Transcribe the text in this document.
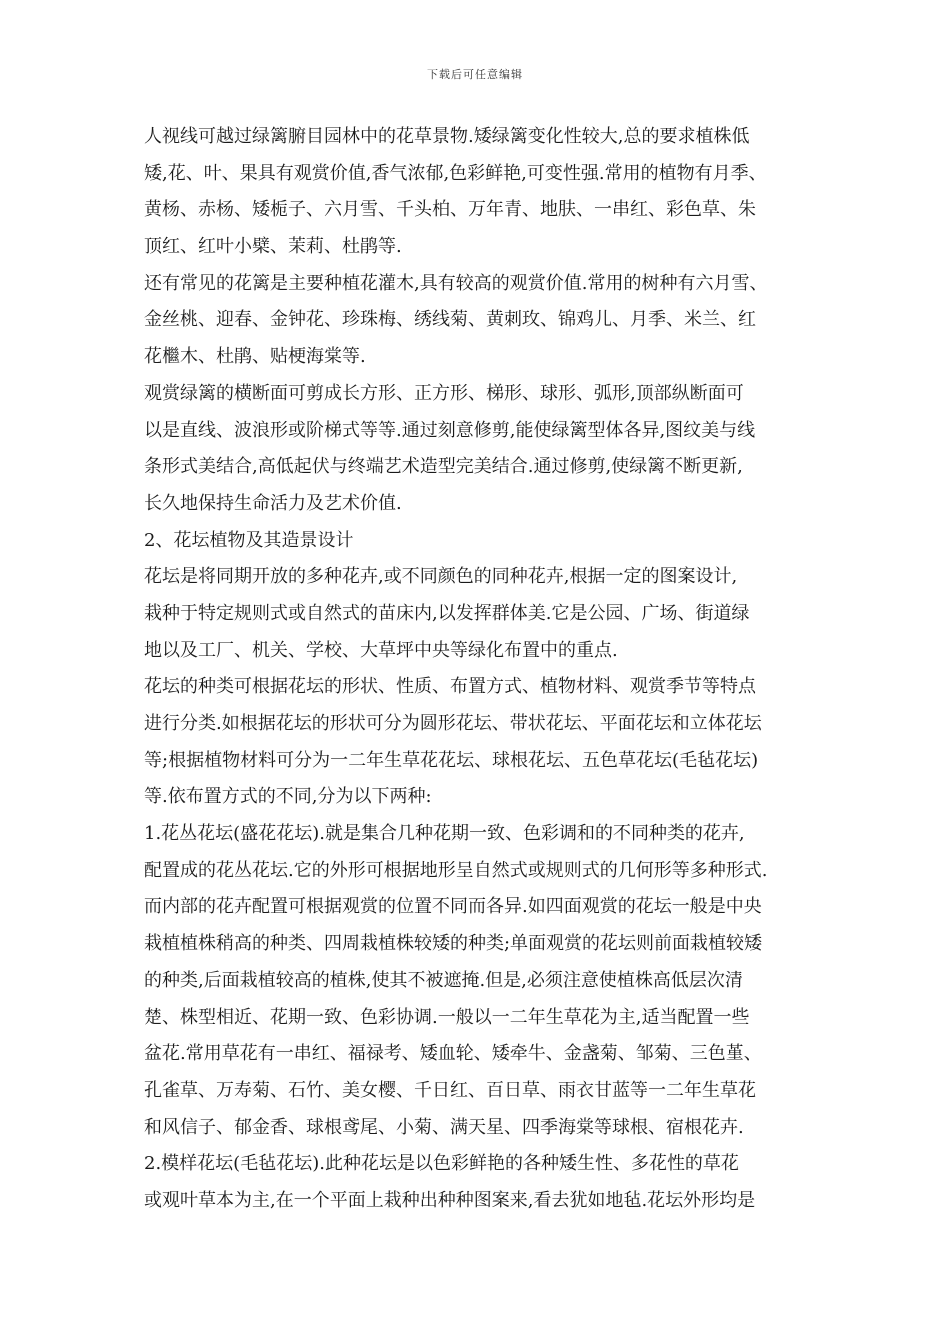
下载后可任意编辑
人视线可越过绿篱腑目园林中的花草景物.矮绿篱变化性较大,总的要求植株低
矮,花、叶、果具有观赏价值,香气浓郁,色彩鲜艳,可变性强.常用的植物有月季、
黄杨、赤杨、矮栀子、六月雪、千头柏、万年青、地肤、一串红、彩色草、朱
顶红、红叶小檗、茉莉、杜鹃等.
还有常见的花篱是主要种植花灌木,具有较高的观赏价值.常用的树种有六月雪、
金丝桃、迎春、金钟花、珍珠梅、绣线菊、黄刺玫、锦鸡儿、月季、米兰、红
花檵木、杜鹃、贴梗海棠等.
观赏绿篱的横断面可剪成长方形、正方形、梯形、球形、弧形,顶部纵断面可
以是直线、波浪形或阶梯式等等.通过刻意修剪,能使绿篱型体各异,图纹美与线
条形式美结合,高低起伏与终端艺术造型完美结合.通过修剪,使绿篱不断更新,
长久地保持生命活力及艺术价值.
2、花坛植物及其造景设计
花坛是将同期开放的多种花卉,或不同颜色的同种花卉,根据一定的图案设计,
栽种于特定规则式或自然式的苗床内,以发挥群体美.它是公园、广场、街道绿
地以及工厂、机关、学校、大草坪中央等绿化布置中的重点.
花坛的种类可根据花坛的形状、性质、布置方式、植物材料、观赏季节等特点
进行分类.如根据花坛的形状可分为圆形花坛、带状花坛、平面花坛和立体花坛
等;根据植物材料可分为一二年生草花花坛、球根花坛、五色草花坛(毛毡花坛)
等.依布置方式的不同,分为以下两种:
1.花丛花坛(盛花花坛).就是集合几种花期一致、色彩调和的不同种类的花卉,
配置成的花丛花坛.它的外形可根据地形呈自然式或规则式的几何形等多种形式.
而内部的花卉配置可根据观赏的位置不同而各异.如四面观赏的花坛一般是中央
栽植植株稍高的种类、四周栽植株较矮的种类;单面观赏的花坛则前面栽植较矮
的种类,后面栽植较高的植株,使其不被遮掩.但是,必须注意使植株高低层次清
楚、株型相近、花期一致、色彩协调.一般以一二年生草花为主,适当配置一些
盆花.常用草花有一串红、福禄考、矮血轮、矮牵牛、金盏菊、邹菊、三色堇、
孔雀草、万寿菊、石竹、美女樱、千日红、百日草、雨衣甘蓝等一二年生草花
和风信子、郁金香、球根鸢尾、小菊、满天星、四季海棠等球根、宿根花卉.
2.模样花坛(毛毡花坛).此种花坛是以色彩鲜艳的各种矮生性、多花性的草花
或观叶草本为主,在一个平面上栽种出种种图案来,看去犹如地毡.花坛外形均是
